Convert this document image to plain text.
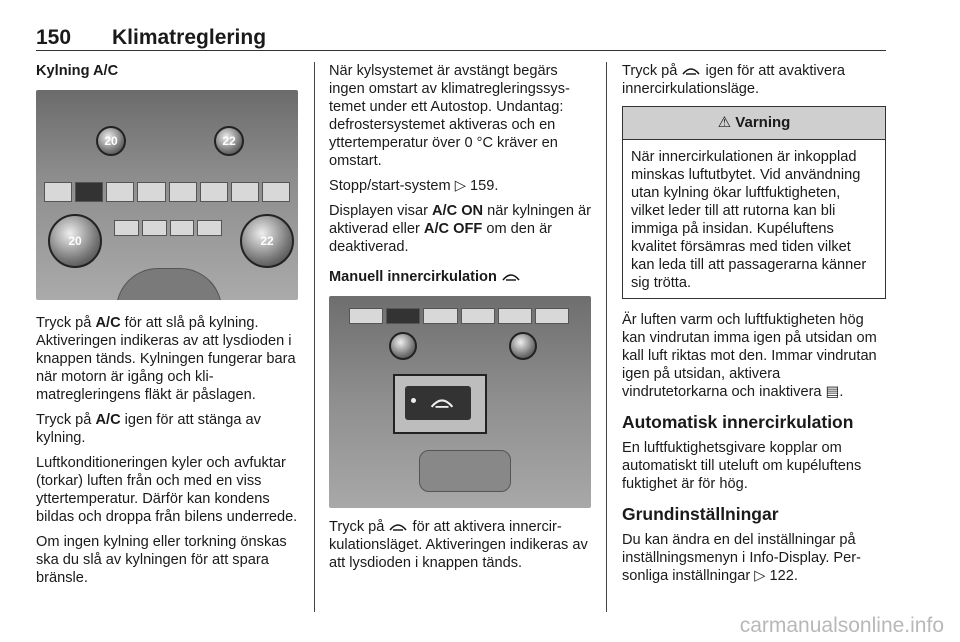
150 Klimatreglering
Kylning A/C
20	22
20	22

Tryck på A/C för att slå på kylning. Aktiveringen indikeras av att lysdioden i knappen tänds. Kylningen fungerar bara när motorn är igång och klimatregleringens fläkt är påslagen.

Tryck på A/C igen för att stänga av kylning.

Luftkonditioneringen kyler och avfuktar (torkar) luften från och med en viss yttertemperatur. Därför kan kondens bildas och droppa från bilens underrede.

Om ingen kylning eller torkning önskas ska du slå av kylningen för att spara bränsle.

När kylsystemet är avstängt begärs ingen omstart av klimatregleringssystemet under ett Autostop. Undantag: defrostersystemet aktiveras och en yttertemperatur över 0 °C kräver en omstart.

Stopp/start-system ▷ 159.

Displayen visar A/C ON när kylningen är aktiverad eller A/C OFF om den är deaktiverad.

Manuell innercirkulation

Tryck på  för att aktivera innercirkulationsläget. Aktiveringen indikeras av att lysdioden i knappen tänds.

Tryck på  igen för att avaktivera innercirkulationsläge.

⚠ Varning
När innercirkulationen är inkopplad minskas luftutbytet. Vid användning utan kylning ökar luftfuktigheten, vilket leder till att rutorna kan bli immiga på insidan. Kupéluftens kvalitet försämras med tiden vilket kan leda till att passagerarna känner sig trötta.

Är luften varm och luftfuktigheten hög kan vindrutan imma igen på utsidan om kall luft riktas mot den. Immar vindrutan igen på utsidan, aktivera vindrutetorkarna och inaktivera ▤.

Automatisk innercirkulation

En luftfuktighetsgivare kopplar om automatiskt till uteluft om kupéluftens fuktighet är för hög.

Grundinställningar

Du kan ändra en del inställningar på inställningsmenyn i Info-Display. Personliga inställningar ▷ 122.

carmanualsonline.info
